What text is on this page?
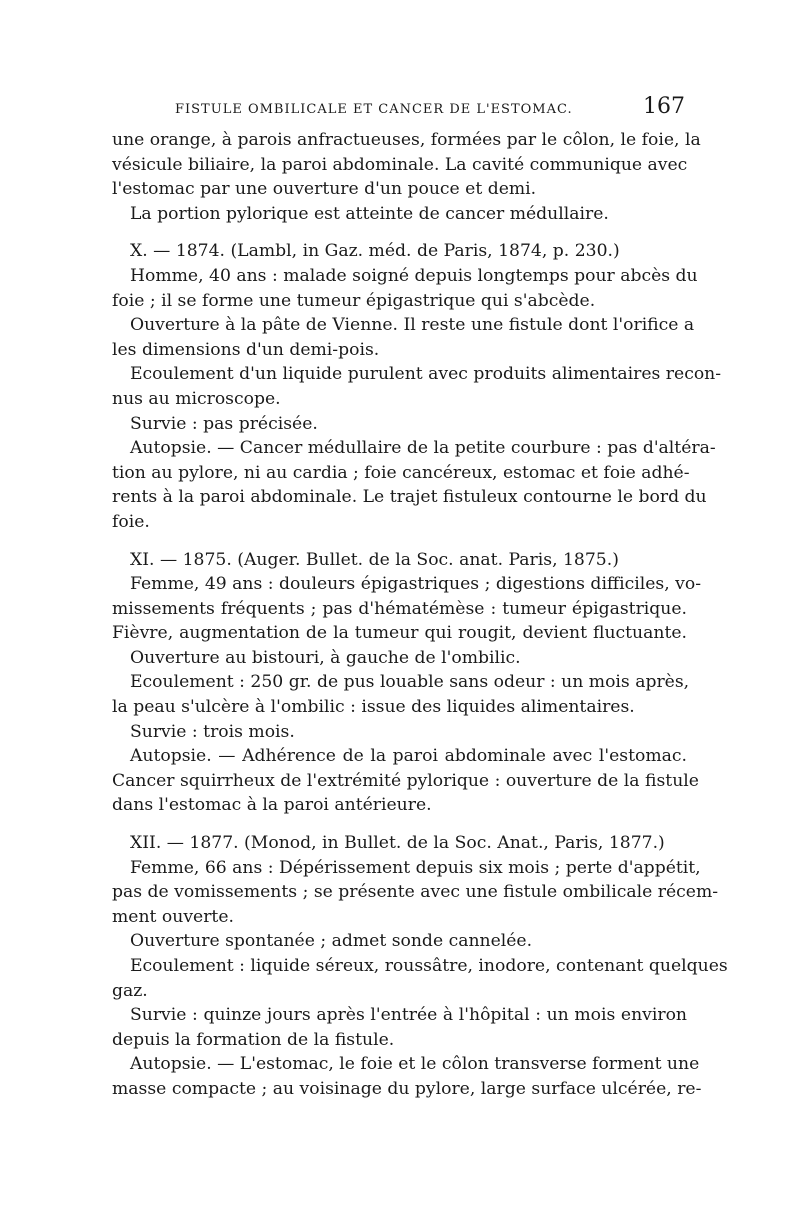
FISTULE OMBILICALE ET CANCER DE L'ESTOMAC.	167
une orange, à parois anfractueuses, formées par le côlon, le foie, la
vésicule biliaire, la paroi abdominale. La cavité communique avec
l'estomac par une ouverture d'un pouce et demi.
La portion pylorique est atteinte de cancer médullaire.
X. — 1874. (Lambl, in Gaz. méd. de Paris, 1874, p. 230.)
Homme, 40 ans : malade soigné depuis longtemps pour abcès du
foie ; il se forme une tumeur épigastrique qui s'abcède.
Ouverture à la pâte de Vienne. Il reste une fistule dont l'orifice a
les dimensions d'un demi-pois.
Ecoulement d'un liquide purulent avec produits alimentaires recon-
nus au microscope.
Survie : pas précisée.
Autopsie. — Cancer médullaire de la petite courbure : pas d'altéra-
tion au pylore, ni au cardia ; foie cancéreux, estomac et foie adhé-
rents à la paroi abdominale. Le trajet fistuleux contourne le bord du
foie.
XI. — 1875. (Auger. Bullet. de la Soc. anat. Paris, 1875.)
Femme, 49 ans : douleurs épigastriques ; digestions difficiles, vo-
missements fréquents ; pas d'hématémèse : tumeur épigastrique.
Fièvre, augmentation de la tumeur qui rougit, devient fluctuante.
Ouverture au bistouri, à gauche de l'ombilic.
Ecoulement : 250 gr. de pus louable sans odeur : un mois après,
la peau s'ulcère à l'ombilic : issue des liquides alimentaires.
Survie : trois mois.
Autopsie. — Adhérence de la paroi abdominale avec l'estomac.
Cancer squirrheux de l'extrémité pylorique : ouverture de la fistule
dans l'estomac à la paroi antérieure.
XII. — 1877. (Monod, in Bullet. de la Soc. Anat., Paris, 1877.)
Femme, 66 ans : Dépérissement depuis six mois ; perte d'appétit,
pas de vomissements ; se présente avec une fistule ombilicale récem-
ment ouverte.
Ouverture spontanée ; admet sonde cannelée.
Ecoulement : liquide séreux, roussâtre, inodore, contenant quelques
gaz.
Survie : quinze jours après l'entrée à l'hôpital : un mois environ
depuis la formation de la fistule.
Autopsie. — L'estomac, le foie et le côlon transverse forment une
masse compacte ; au voisinage du pylore, large surface ulcérée, re-
